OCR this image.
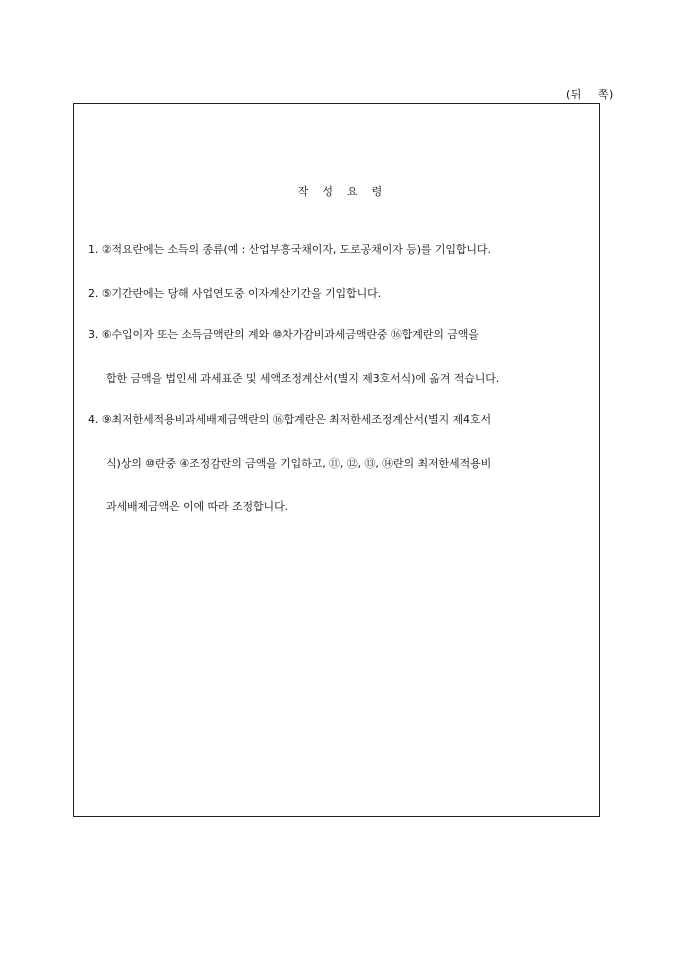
(뒤    쪽)
작    성    요    령
1. ②적요란에는 소득의 종류(예 : 산업부흥국채이자, 도로공채이자 등)를 기입합니다.
2. ⑤기간란에는 당해 사업연도중 이자계산기간을 기입합니다.
3. ⑥수입이자 또는 소득금액란의 계와 ⑩차가감비과세금액란중 ⑯합계란의 금액을
합한 금액을 법인세 과세표준 및 세액조정계산서(별지 제3호서식)에 옮겨 적습니다.
4. ⑨최저한세적용비과세배제금액란의 ⑯합계란은 최저한세조정계산서(별지 제4호서
식)상의 ⑩란중 ④조정감란의 금액을 기입하고, ⑪, ⑫, ⑬, ⑭란의 최저한세적용비
과세배제금액은 이에 따라 조정합니다.
